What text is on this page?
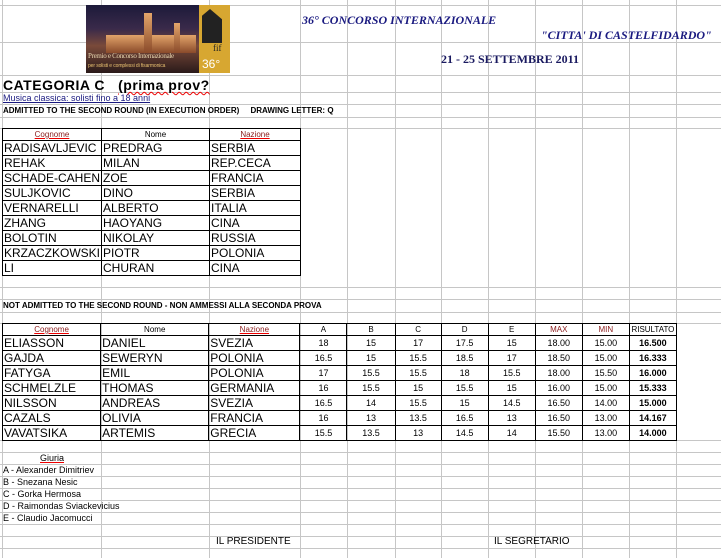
fif
36°
Premio e Concorso Internazionale
per solisti e complessi di fisarmonica
36° CONCORSO INTERNAZIONALE
"CITTA' DI CASTELFIDARDO"
21 - 25 SETTEMBRE 2011
CATEGORIA C (prima prov?
Musica classica: solisti fino a 18 anni
ADMITTED TO THE SECOND ROUND (IN EXECUTION ORDER) DRAWING LETTER: Q
Cognome	Nome	Nazione
RADISAVLJEVIC	PREDRAG	SERBIA
REHAK	MILAN	REP.CECA
SCHADE-CAHEN	ZOE	FRANCIA
SULJKOVIC	DINO	SERBIA
VERNARELLI	ALBERTO	ITALIA
ZHANG	HAOYANG	CINA
BOLOTIN	NIKOLAY	RUSSIA
KRZACZKOWSKI	PIOTR	POLONIA
LI	CHURAN	CINA
NOT ADMITTED TO THE SECOND ROUND - NON AMMESSI ALLA SECONDA PROVA
Cognome	Nome	Nazione	A	B	C	D	E	MAX	MIN	RISULTATO
ELIASSON	DANIEL	SVEZIA	18	15	17	17.5	15	18.00	15.00	16.500
GAJDA	SEWERYN	POLONIA	16.5	15	15.5	18.5	17	18.50	15.00	16.333
FATYGA	EMIL	POLONIA	17	15.5	15.5	18	15.5	18.00	15.50	16.000
SCHMELZLE	THOMAS	GERMANIA	16	15.5	15	15.5	15	16.00	15.00	15.333
NILSSON	ANDREAS	SVEZIA	16.5	14	15.5	15	14.5	16.50	14.00	15.000
CAZALS	OLIVIA	FRANCIA	16	13	13.5	16.5	13	16.50	13.00	14.167
VAVATSIKA	ARTEMIS	GRECIA	15.5	13.5	13	14.5	14	15.50	13.00	14.000
Giuria
A - Alexander Dimitriev
B - Snezana Nesic
C - Gorka Hermosa
D - Raimondas Sviackevicius
E - Claudio Jacomucci
IL PRESIDENTE	IL SEGRETARIO
